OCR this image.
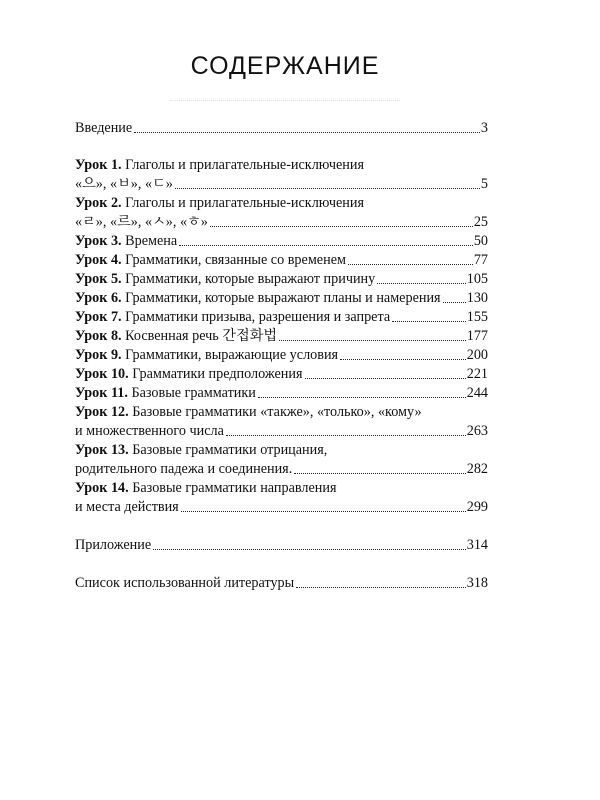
СОДЕРЖАНИЕ
Введение	3
Урок 1.
Глаголы и прилагательные-исключения
«으», «ㅂ», «ㄷ»	5
Урок 2.
Глаголы и прилагательные-исключения
«ㄹ», «르», «ㅅ», «ㅎ»	25
Урок 3. Времена	50
Урок 4. Грамматики, связанные со временем	77
Урок 5. Грамматики, которые выражают причину	105
Урок 6. Грамматики, которые выражают планы и намерения 130
Урок 7. Грамматики призыва, разрешения и запрета	155
Урок 8. Косвенная речь 간접화법	177
Урок 9. Грамматики, выражающие условия	200
Урок 10. Грамматики предположения	221
Урок 11. Базовые грамматики	244
Урок 12.
Базовые грамматики «также», «только», «кому»
и множественного числа	263
Урок 13.
Базовые грамматики отрицания,
родительного падежа и соединения.	282
Урок 14.
Базовые грамматики направления
и места действия	299
Приложение	314
Список использованной литературы	318
